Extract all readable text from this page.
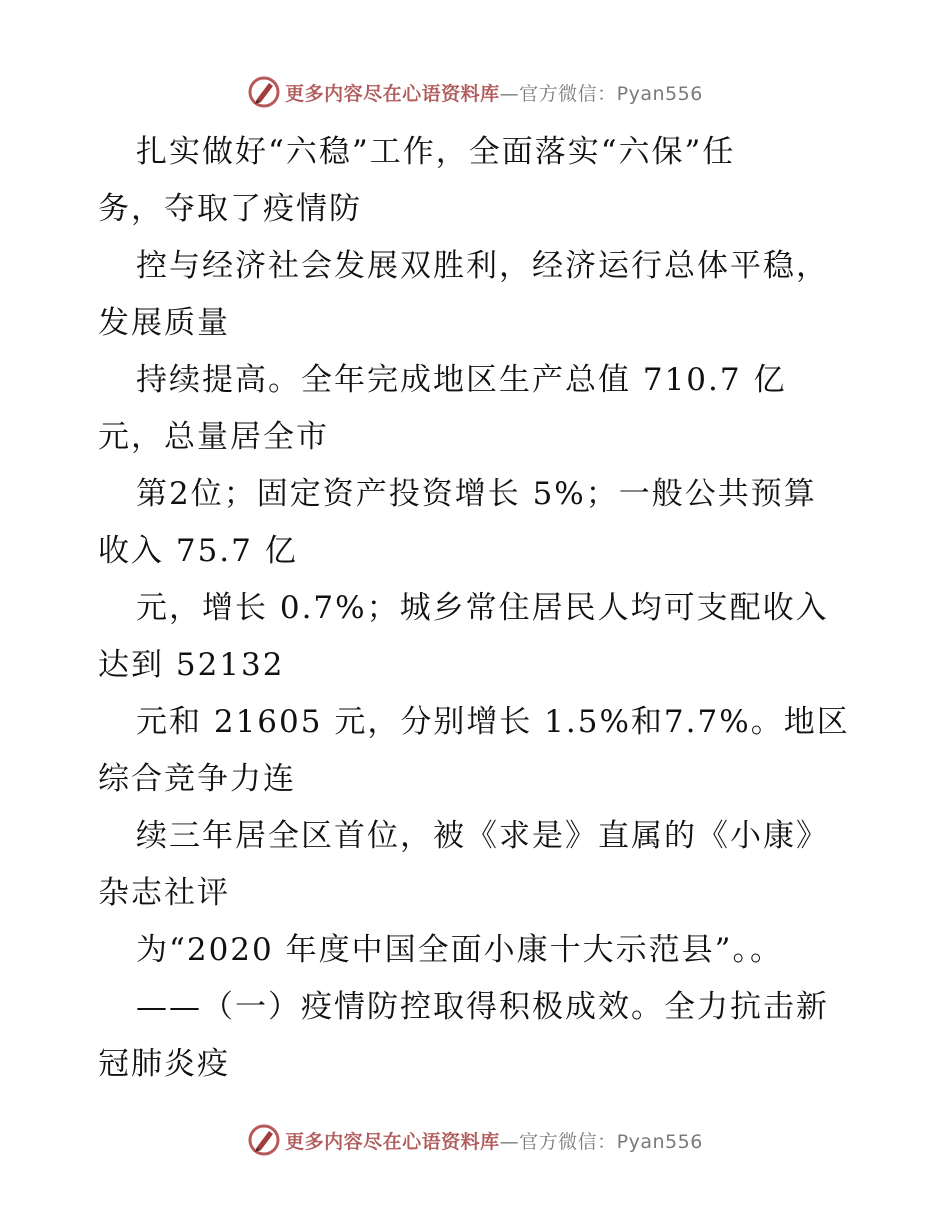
更多内容尽在心语资料库—官方微信：Pyan556
扎实做好“六稳”工作，全面落实“六保”任
务，夺取了疫情防
控与经济社会发展双胜利，经济运行总体平稳，
发展质量
持续提高。全年完成地区生产总值 710.7 亿
元，总量居全市
第2位；固定资产投资增长 5%；一般公共预算
收入 75.7 亿
元，增长 0.7%；城乡常住居民人均可支配收入
达到 52132
元和 21605 元，分别增长 1.5%和7.7%。地区
综合竞争力连
续三年居全区首位，被《求是》直属的《小康》
杂志社评
为“2020 年度中国全面小康十大示范县”。。
——（一）疫情防控取得积极成效。全力抗击新
冠肺炎疫
更多内容尽在心语资料库—官方微信：Pyan556
